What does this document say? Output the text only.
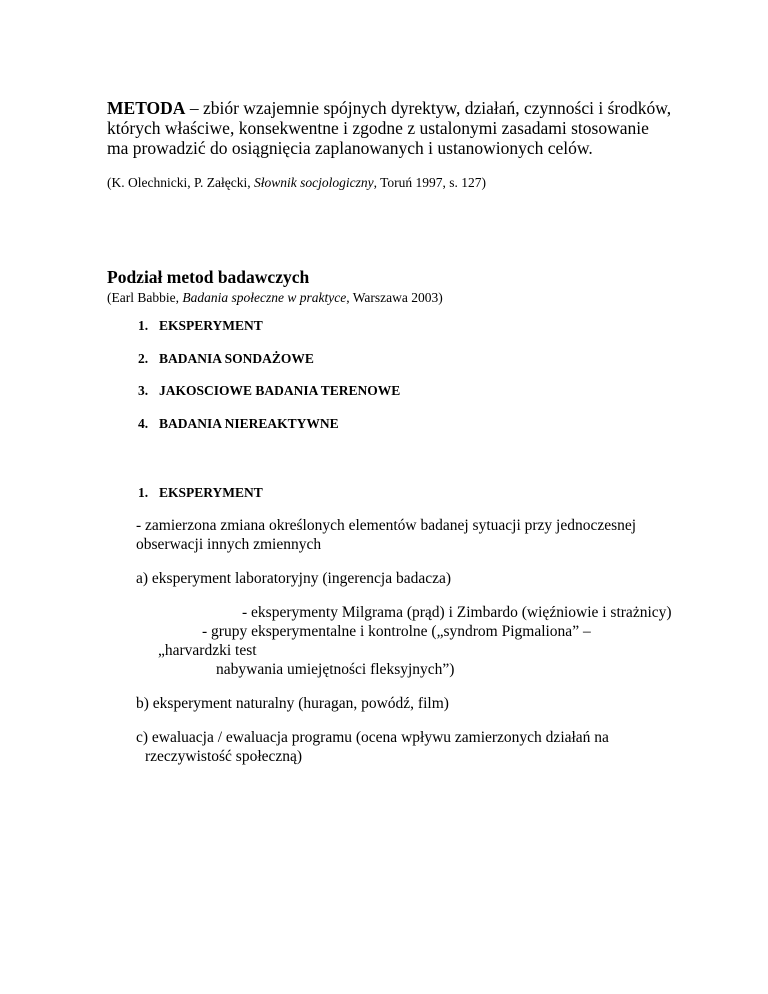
METODA – zbiór wzajemnie spójnych dyrektyw, działań, czynności i środków,
których właściwe, konsekwentne i zgodne z ustalonymi zasadami stosowanie
ma prowadzić do osiągnięcia zaplanowanych i ustanowionych celów.
(K. Olechnicki, P. Załęcki, Słownik socjologiczny, Toruń 1997, s. 127)
Podział metod badawczych
(Earl Babbie, Badania społeczne w praktyce, Warszawa 2003)
1. EKSPERYMENT
2. BADANIA SONDAŻOWE
3. JAKOSCIOWE BADANIA TERENOWE
4. BADANIA NIEREAKTYWNE
1. EKSPERYMENT
- zamierzona zmiana określonych elementów badanej sytuacji przy jednoczesnej
obserwacji innych zmiennych
a) eksperyment laboratoryjny (ingerencja badacza)
- eksperymenty Milgrama (prąd) i Zimbardo (więźniowie i strażnicy)
- grupy eksperymentalne i kontrolne („syndrom Pigmaliona” –
„harvardzki test
nabywania umiejętności fleksyjnych”)
b) eksperyment naturalny (huragan, powódź, film)
c) ewaluacja / ewaluacja programu (ocena wpływu zamierzonych działań na
rzeczywistość społeczną)
